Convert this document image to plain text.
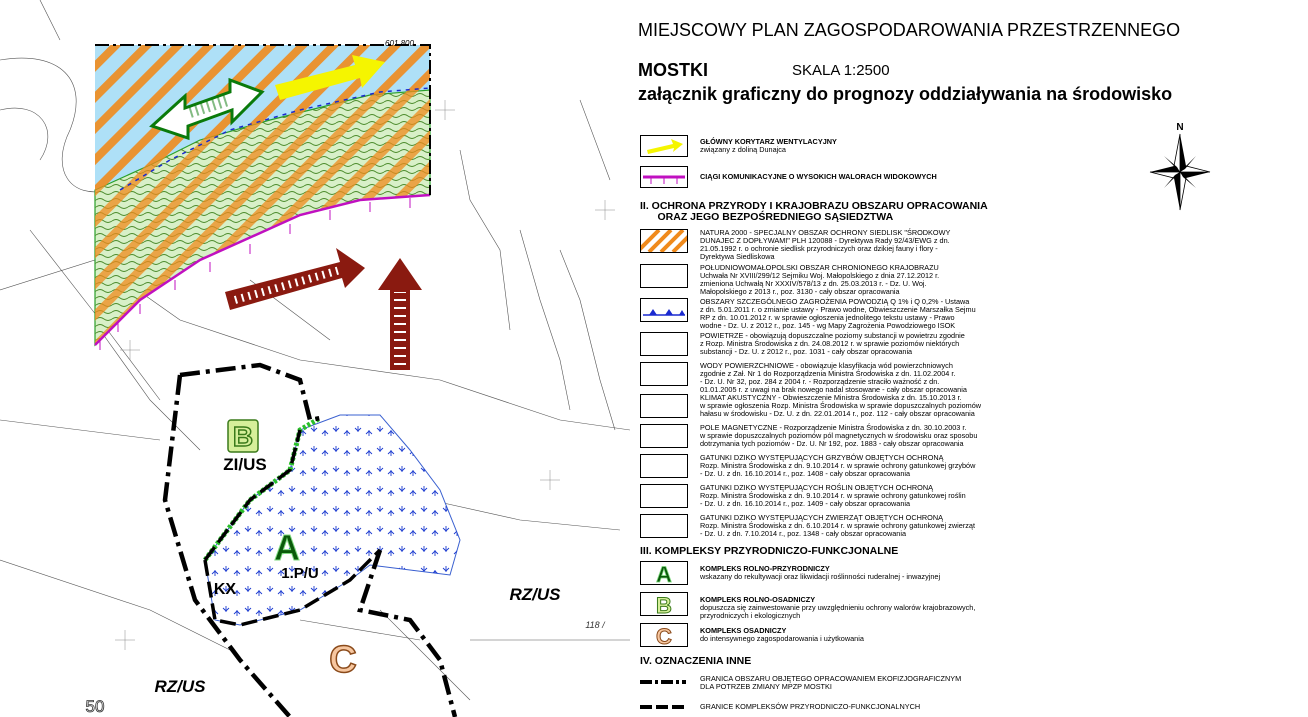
B
ZI/US
A
1.P/U
KX	RZ/US
RZ/US
C
50
118 /
601.800
MIEJSCOWY PLAN ZAGOSPODAROWANIA PRZESTRZENNEGO
MOSTKI	SKALA 1:2500
załącznik graficzny do prognozy oddziaływania na środowisko
N
GŁÓWNY KORYTARZ WENTYLACYJNY
związany z doliną Dunajca
CIĄGI KOMUNIKACYJNE O WYSOKICH WALORACH WIDOKOWYCH
II. OCHRONA PRZYRODY I KRAJOBRAZU OBSZARU OPRACOWANIA
ORAZ JEGO BEZPOŚREDNIEGO SĄSIEDZTWA
NATURA 2000 - SPECJALNY OBSZAR OCHRONY SIEDLISK "ŚRODKOWY
DUNAJEC Z DOPŁYWAMI" PLH 120088 - Dyrektywa Rady 92/43/EWG z dn.
21.05.1992 r. o ochronie siedlisk przyrodniczych oraz dzikiej fauny i flory -
Dyrektywa Siedliskowa
POŁUDNIOWOMAŁOPOLSKI OBSZAR CHRONIONEGO KRAJOBRAZU
Uchwała Nr XVIII/299/12 Sejmiku Woj. Małopolskiego z dnia 27.12.2012 r.
zmieniona Uchwałą Nr XXXIV/578/13 z dn. 25.03.2013 r. - Dz. U. Woj.
Małopolskiego z 2013 r., poz. 3130 - cały obszar opracowania
OBSZARY SZCZEGÓLNEGO ZAGROŻENIA POWODZIĄ Q 1% i Q 0,2% - Ustawa
z dn. 5.01.2011 r. o zmianie ustawy - Prawo wodne, Obwieszczenie Marszałka Sejmu
RP z dn. 10.01.2012 r. w sprawie ogłoszenia jednolitego tekstu ustawy - Prawo
wodne - Dz. U. z 2012 r., poz. 145 - wg Mapy Zagrożenia Powodziowego ISOK
POWIETRZE - obowiązują dopuszczalne poziomy substancji w powietrzu zgodnie
z Rozp. Ministra Środowiska z dn. 24.08.2012 r. w sprawie poziomów niektórych
substancji - Dz. U. z 2012 r., poz. 1031 - cały obszar opracowania
WODY POWIERZCHNIOWE - obowiązuje klasyfikacja wód powierzchniowych
zgodnie z Zał. Nr 1 do Rozporządzenia Ministra Środowiska z dn. 11.02.2004 r.
- Dz. U. Nr 32, poz. 284 z 2004 r. - Rozporządzenie straciło ważność z dn.
01.01.2005 r. z uwagi na brak nowego nadal stosowane - cały obszar opracowania
KLIMAT AKUSTYCZNY - Obwieszczenie Ministra Środowiska z dn. 15.10.2013 r.
w sprawie ogłoszenia Rozp. Ministra Środowiska w sprawie dopuszczalnych poziomów
hałasu w środowisku - Dz. U. z dn. 22.01.2014 r., poz. 112 - cały obszar opracowania
POLE MAGNETYCZNE - Rozporządzenie Ministra Środowiska z dn. 30.10.2003 r.
w sprawie dopuszczalnych poziomów pól magnetycznych w środowisku oraz sposobu
dotrzymania tych poziomów - Dz. U. Nr 192, poz. 1883 - cały obszar opracowania
GATUNKI DZIKO WYSTĘPUJĄCYCH GRZYBÓW OBJĘTYCH OCHRONĄ
Rozp. Ministra Środowiska z dn. 9.10.2014 r. w sprawie ochrony gatunkowej grzybów
- Dz. U. z dn. 16.10.2014 r., poz. 1408 - cały obszar opracowania
GATUNKI DZIKO WYSTĘPUJĄCYCH ROŚLIN OBJĘTYCH OCHRONĄ
Rozp. Ministra Środowiska z dn. 9.10.2014 r. w sprawie ochrony gatunkowej roślin
- Dz. U. z dn. 16.10.2014 r., poz. 1409 - cały obszar opracowania
GATUNKI DZIKO WYSTĘPUJĄCYCH ZWIERZĄT OBJĘTYCH OCHRONĄ
Rozp. Ministra Środowiska z dn. 6.10.2014 r. w sprawie ochrony gatunkowej zwierząt
- Dz. U. z dn. 7.10.2014 r., poz. 1348 - cały obszar opracowania
III. KOMPLEKSY PRZYRODNICZO-FUNKCJONALNE
A	KOMPLEKS ROLNO-PRZYRODNICZY
wskazany do rekultywacji oraz likwidacji roślinności ruderalnej - inwazyjnej
B	KOMPLEKS ROLNO-OSADNICZY
dopuszcza się zainwestowanie przy uwzględnieniu ochrony walorów krajobrazowych,
przyrodniczych i ekologicznych
C	KOMPLEKS OSADNICZY
do intensywnego zagospodarowania i użytkowania
IV. OZNACZENIA INNE
GRANICA OBSZARU OBJĘTEGO OPRACOWANIEM EKOFIZJOGRAFICZNYM
DLA POTRZEB ZMIANY MPZP MOSTKI
GRANICE KOMPLEKSÓW PRZYRODNICZO-FUNKCJONALNYCH
